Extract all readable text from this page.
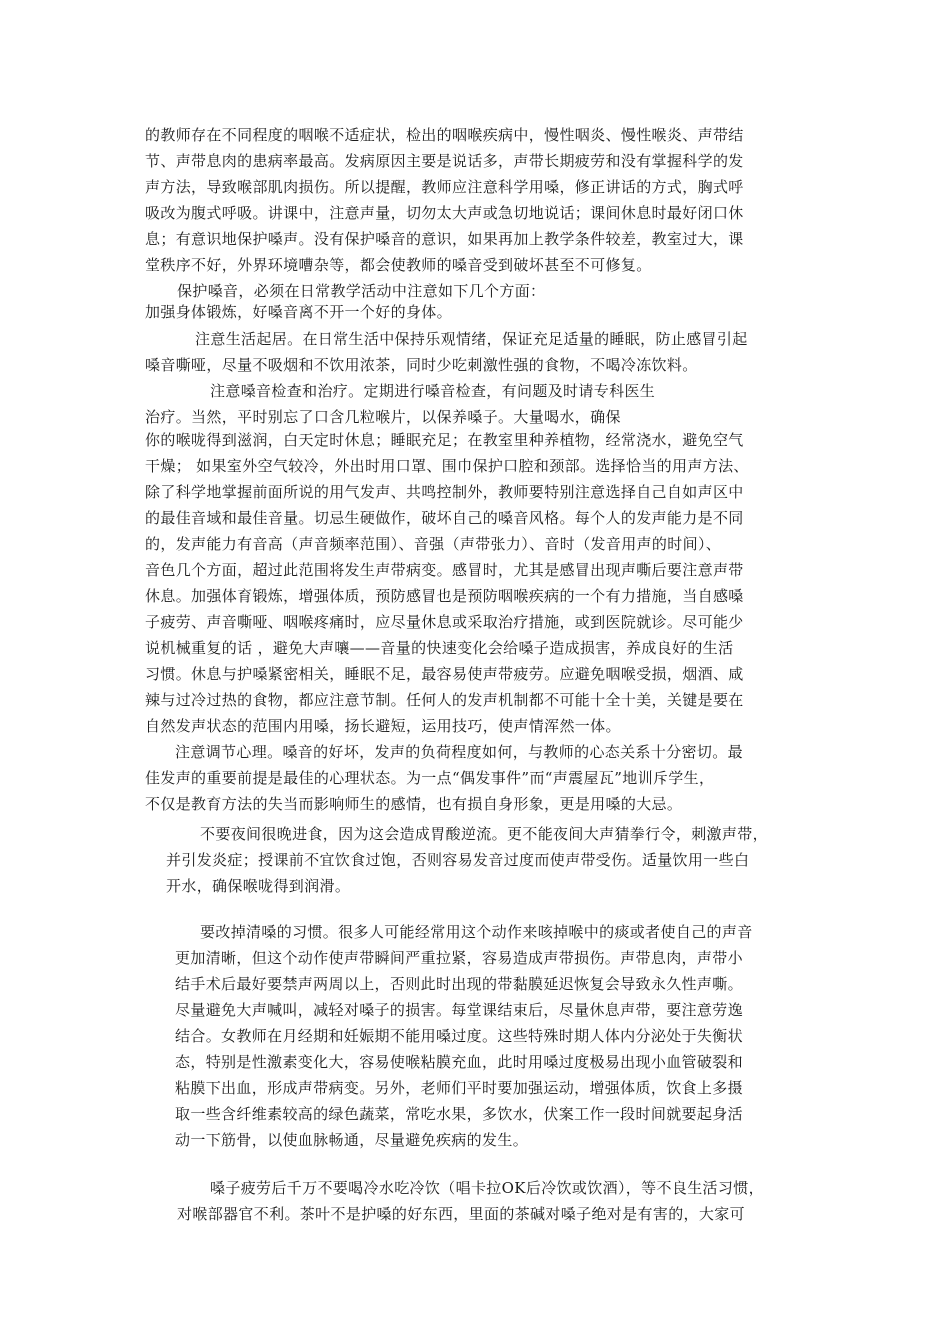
的教师存在不同程度的咽喉不适症状，检出的咽喉疾病中，慢性咽炎、慢性喉炎、声带结
节、声带息肉的患病率最高。发病原因主要是说话多，声带长期疲劳和没有掌握科学的发
声方法，导致喉部肌肉损伤。所以提醒，教师应注意科学用嗓，修正讲话的方式，胸式呼
吸改为腹式呼吸。讲课中，注意声量，切勿太大声或急切地说话；课间休息时最好闭口休
息；有意识地保护嗓声。没有保护嗓音的意识，如果再加上教学条件较差，教室过大，课
堂秩序不好，外界环境嘈杂等，都会使教师的嗓音受到破坏甚至不可修复。
保护嗓音，必须在日常教学活动中注意如下几个方面：
加强身体锻炼，好嗓音离不开一个好的身体。
注意生活起居。在日常生活中保持乐观情绪，保证充足适量的睡眠，防止感冒引起
嗓音嘶哑，尽量不吸烟和不饮用浓茶，同时少吃刺激性强的食物，不喝冷冻饮料。
注意嗓音检查和治疗。定期进行嗓音检查，有问题及时请专科医生
治疗。当然，平时别忘了口含几粒喉片，以保养嗓子。大量喝水，确保
你的喉咙得到滋润，白天定时休息；睡眠充足；在教室里种养植物，经常浇水，避免空气
干燥； 如果室外空气较冷，外出时用口罩、围巾保护口腔和颈部。选择恰当的用声方法、
除了科学地掌握前面所说的用气发声、共鸣控制外，教师要特别注意选择自己自如声区中
的最佳音域和最佳音量。切忌生硬做作，破坏自己的嗓音风格。每个人的发声能力是不同
的，发声能力有音高（声音频率范围）、音强（声带张力）、音时（发音用声的时间）、
音色几个方面，超过此范围将发生声带病变。感冒时，尤其是感冒出现声嘶后要注意声带
休息。加强体育锻炼，增强体质，预防感冒也是预防咽喉疾病的一个有力措施，当自感嗓
子疲劳、声音嘶哑、咽喉疼痛时，应尽量休息或采取治疗措施，或到医院就诊。尽可能少
说机械重复的话 ，避免大声嚷——音量的快速变化会给嗓子造成损害，养成良好的生活
习惯。休息与护嗓紧密相关，睡眠不足，最容易使声带疲劳。应避免咽喉受损，烟酒、咸
辣与过冷过热的食物，都应注意节制。任何人的发声机制都不可能十全十美，关键是要在
自然发声状态的范围内用嗓，扬长避短，运用技巧，使声情浑然一体。
注意调节心理。嗓音的好坏，发声的负荷程度如何，与教师的心态关系十分密切。最
佳发声的重要前提是最佳的心理状态。为一点“偶发事件”而“声震屋瓦”地训斥学生，
不仅是教育方法的失当而影响师生的感情，也有损自身形象，更是用嗓的大忌。
不要夜间很晚进食，因为这会造成胃酸逆流。更不能夜间大声猜拳行令，刺激声带，
并引发炎症；授课前不宜饮食过饱，否则容易发音过度而使声带受伤。适量饮用一些白
开水，确保喉咙得到润滑。
要改掉清嗓的习惯。很多人可能经常用这个动作来咳掉喉中的痰或者使自己的声音
更加清晰，但这个动作使声带瞬间严重拉紧，容易造成声带损伤。声带息肉，声带小
结手术后最好要禁声两周以上，否则此时出现的带黏膜延迟恢复会导致永久性声嘶。
尽量避免大声喊叫，减轻对嗓子的损害。每堂课结束后，尽量休息声带，要注意劳逸
结合。女教师在月经期和妊娠期不能用嗓过度。这些特殊时期人体内分泌处于失衡状
态，特别是性激素变化大，容易使喉粘膜充血，此时用嗓过度极易出现小血管破裂和
粘膜下出血，形成声带病变。另外，老师们平时要加强运动，增强体质，饮食上多摄
取一些含纤维素较高的绿色蔬菜，常吃水果，多饮水，伏案工作一段时间就要起身活
动一下筋骨，以使血脉畅通，尽量避免疾病的发生。
嗓子疲劳后千万不要喝冷水吃冷饮（唱卡拉OK后冷饮或饮酒），等不良生活习惯，
对喉部器官不利。茶叶不是护嗓的好东西，里面的茶碱对嗓子绝对是有害的，大家可
